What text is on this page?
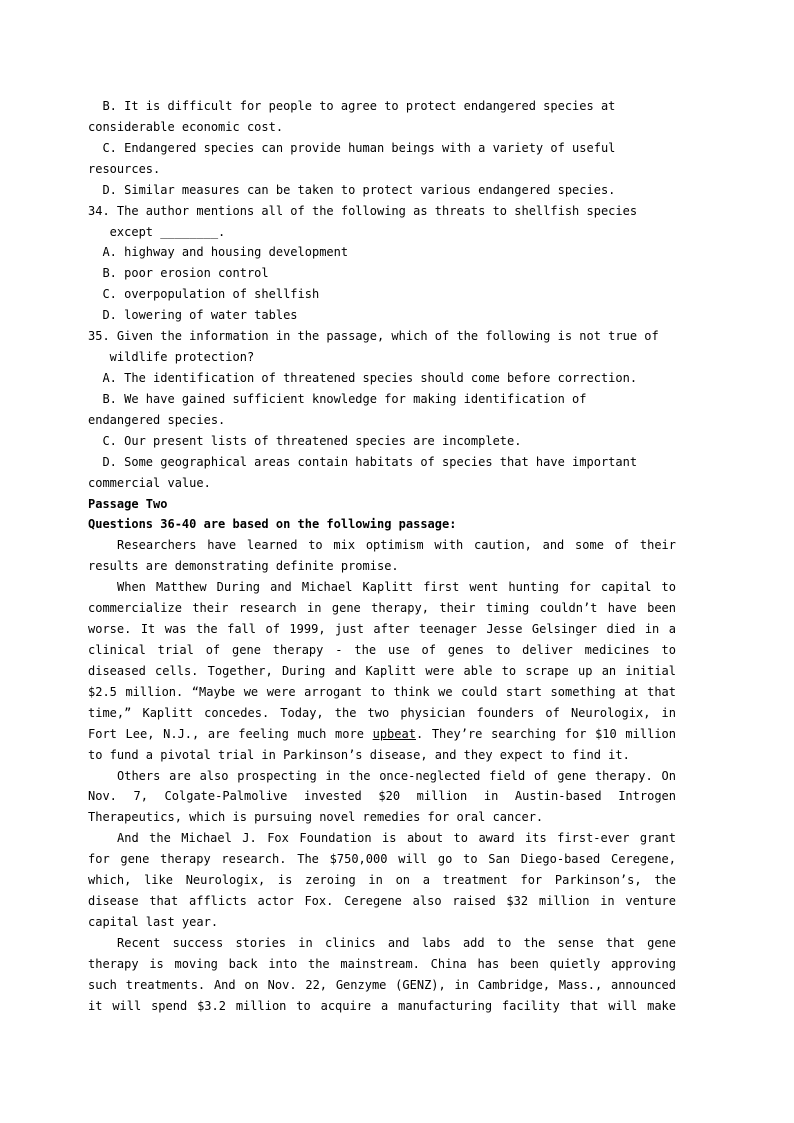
B. It is difficult for people to agree to protect endangered species at
considerable economic cost.
C. Endangered species can provide human beings with a variety of useful
resources.
D. Similar measures can be taken to protect various endangered species.
34. The author mentions all of the following as threats to shellfish species
except ________.
A. highway and housing development
B. poor erosion control
C. overpopulation of shellfish
D. lowering of water tables
35. Given the information in the passage, which of the following is not true of
wildlife protection?
A. The identification of threatened species should come before correction.
B. We have gained sufficient knowledge for making identification of
endangered species.
C. Our present lists of threatened species are incomplete.
D. Some geographical areas contain habitats of species that have important
commercial value.
Passage Two
Questions 36-40 are based on the following passage:
Researchers have learned to mix optimism with caution, and some of their
results are demonstrating definite promise.
When Matthew During and Michael Kaplitt first went hunting for capital to
commercialize their research in gene therapy, their timing couldn’t have been
worse. It was the fall of 1999, just after teenager Jesse Gelsinger died in a
clinical trial of gene therapy - the use of genes to deliver medicines to
diseased cells. Together, During and Kaplitt were able to scrape up an initial
$2.5 million. “Maybe we were arrogant to think we could start something at that
time,” Kaplitt concedes. Today, the two physician founders of Neurologix, in
Fort Lee, N.J., are feeling much more upbeat. They’re searching for $10 million
to fund a pivotal trial in Parkinson’s disease, and they expect to find it.
Others are also prospecting in the once-neglected field of gene therapy. On
Nov. 7, Colgate-Palmolive invested $20 million in Austin-based Introgen
Therapeutics, which is pursuing novel remedies for oral cancer.
And the Michael J. Fox Foundation is about to award its first-ever grant
for gene therapy research. The $750,000 will go to San Diego-based Ceregene,
which, like Neurologix, is zeroing in on a treatment for Parkinson’s, the
disease that afflicts actor Fox. Ceregene also raised $32 million in venture
capital last year.
Recent success stories in clinics and labs add to the sense that gene
therapy is moving back into the mainstream. China has been quietly approving
such treatments. And on Nov. 22, Genzyme (GENZ), in Cambridge, Mass., announced
it will spend $3.2 million to acquire a manufacturing facility that will make
